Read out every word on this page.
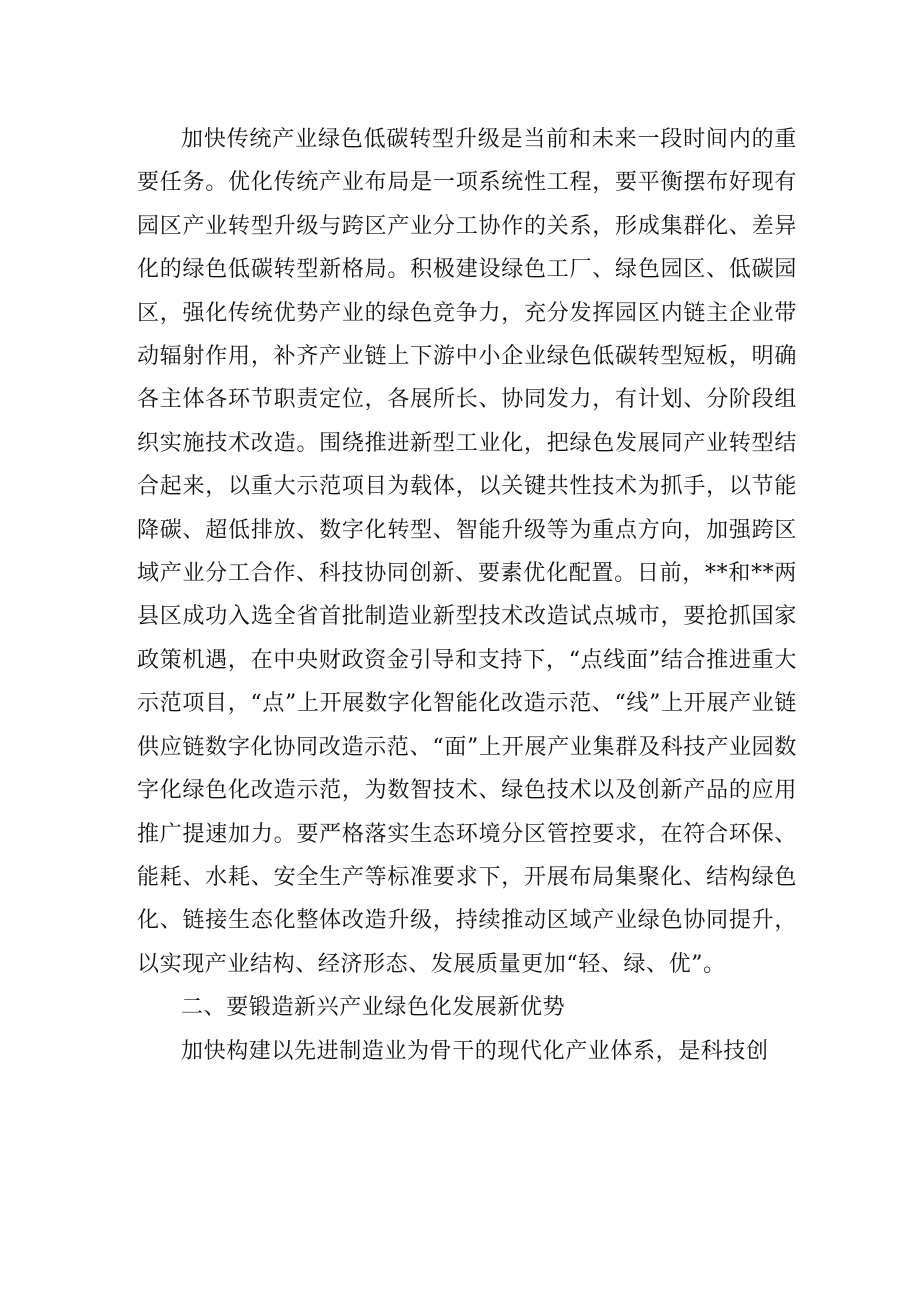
加快传统产业绿色低碳转型升级是当前和未来一段时间内的重要任务。优化传统产业布局是一项系统性工程，要平衡摆布好现有园区产业转型升级与跨区产业分工协作的关系，形成集群化、差异化的绿色低碳转型新格局。积极建设绿色工厂、绿色园区、低碳园区，强化传统优势产业的绿色竞争力，充分发挥园区内链主企业带动辐射作用，补齐产业链上下游中小企业绿色低碳转型短板，明确各主体各环节职责定位，各展所长、协同发力，有计划、分阶段组织实施技术改造。围绕推进新型工业化，把绿色发展同产业转型结合起来，以重大示范项目为载体，以关键共性技术为抓手，以节能降碳、超低排放、数字化转型、智能升级等为重点方向，加强跨区域产业分工合作、科技协同创新、要素优化配置。日前，**和**两县区成功入选全省首批制造业新型技术改造试点城市，要抢抓国家政策机遇，在中央财政资金引导和支持下，“点线面”结合推进重大示范项目，“点”上开展数字化智能化改造示范、“线”上开展产业链供应链数字化协同改造示范、“面”上开展产业集群及科技产业园数字化绿色化改造示范，为数智技术、绿色技术以及创新产品的应用推广提速加力。要严格落实生态环境分区管控要求，在符合环保、能耗、水耗、安全生产等标准要求下，开展布局集聚化、结构绿色化、链接生态化整体改造升级，持续推动区域产业绿色协同提升，以实现产业结构、经济形态、发展质量更加“轻、绿、优”。

二、要锻造新兴产业绿色化发展新优势

加快构建以先进制造业为骨干的现代化产业体系，是科技创
